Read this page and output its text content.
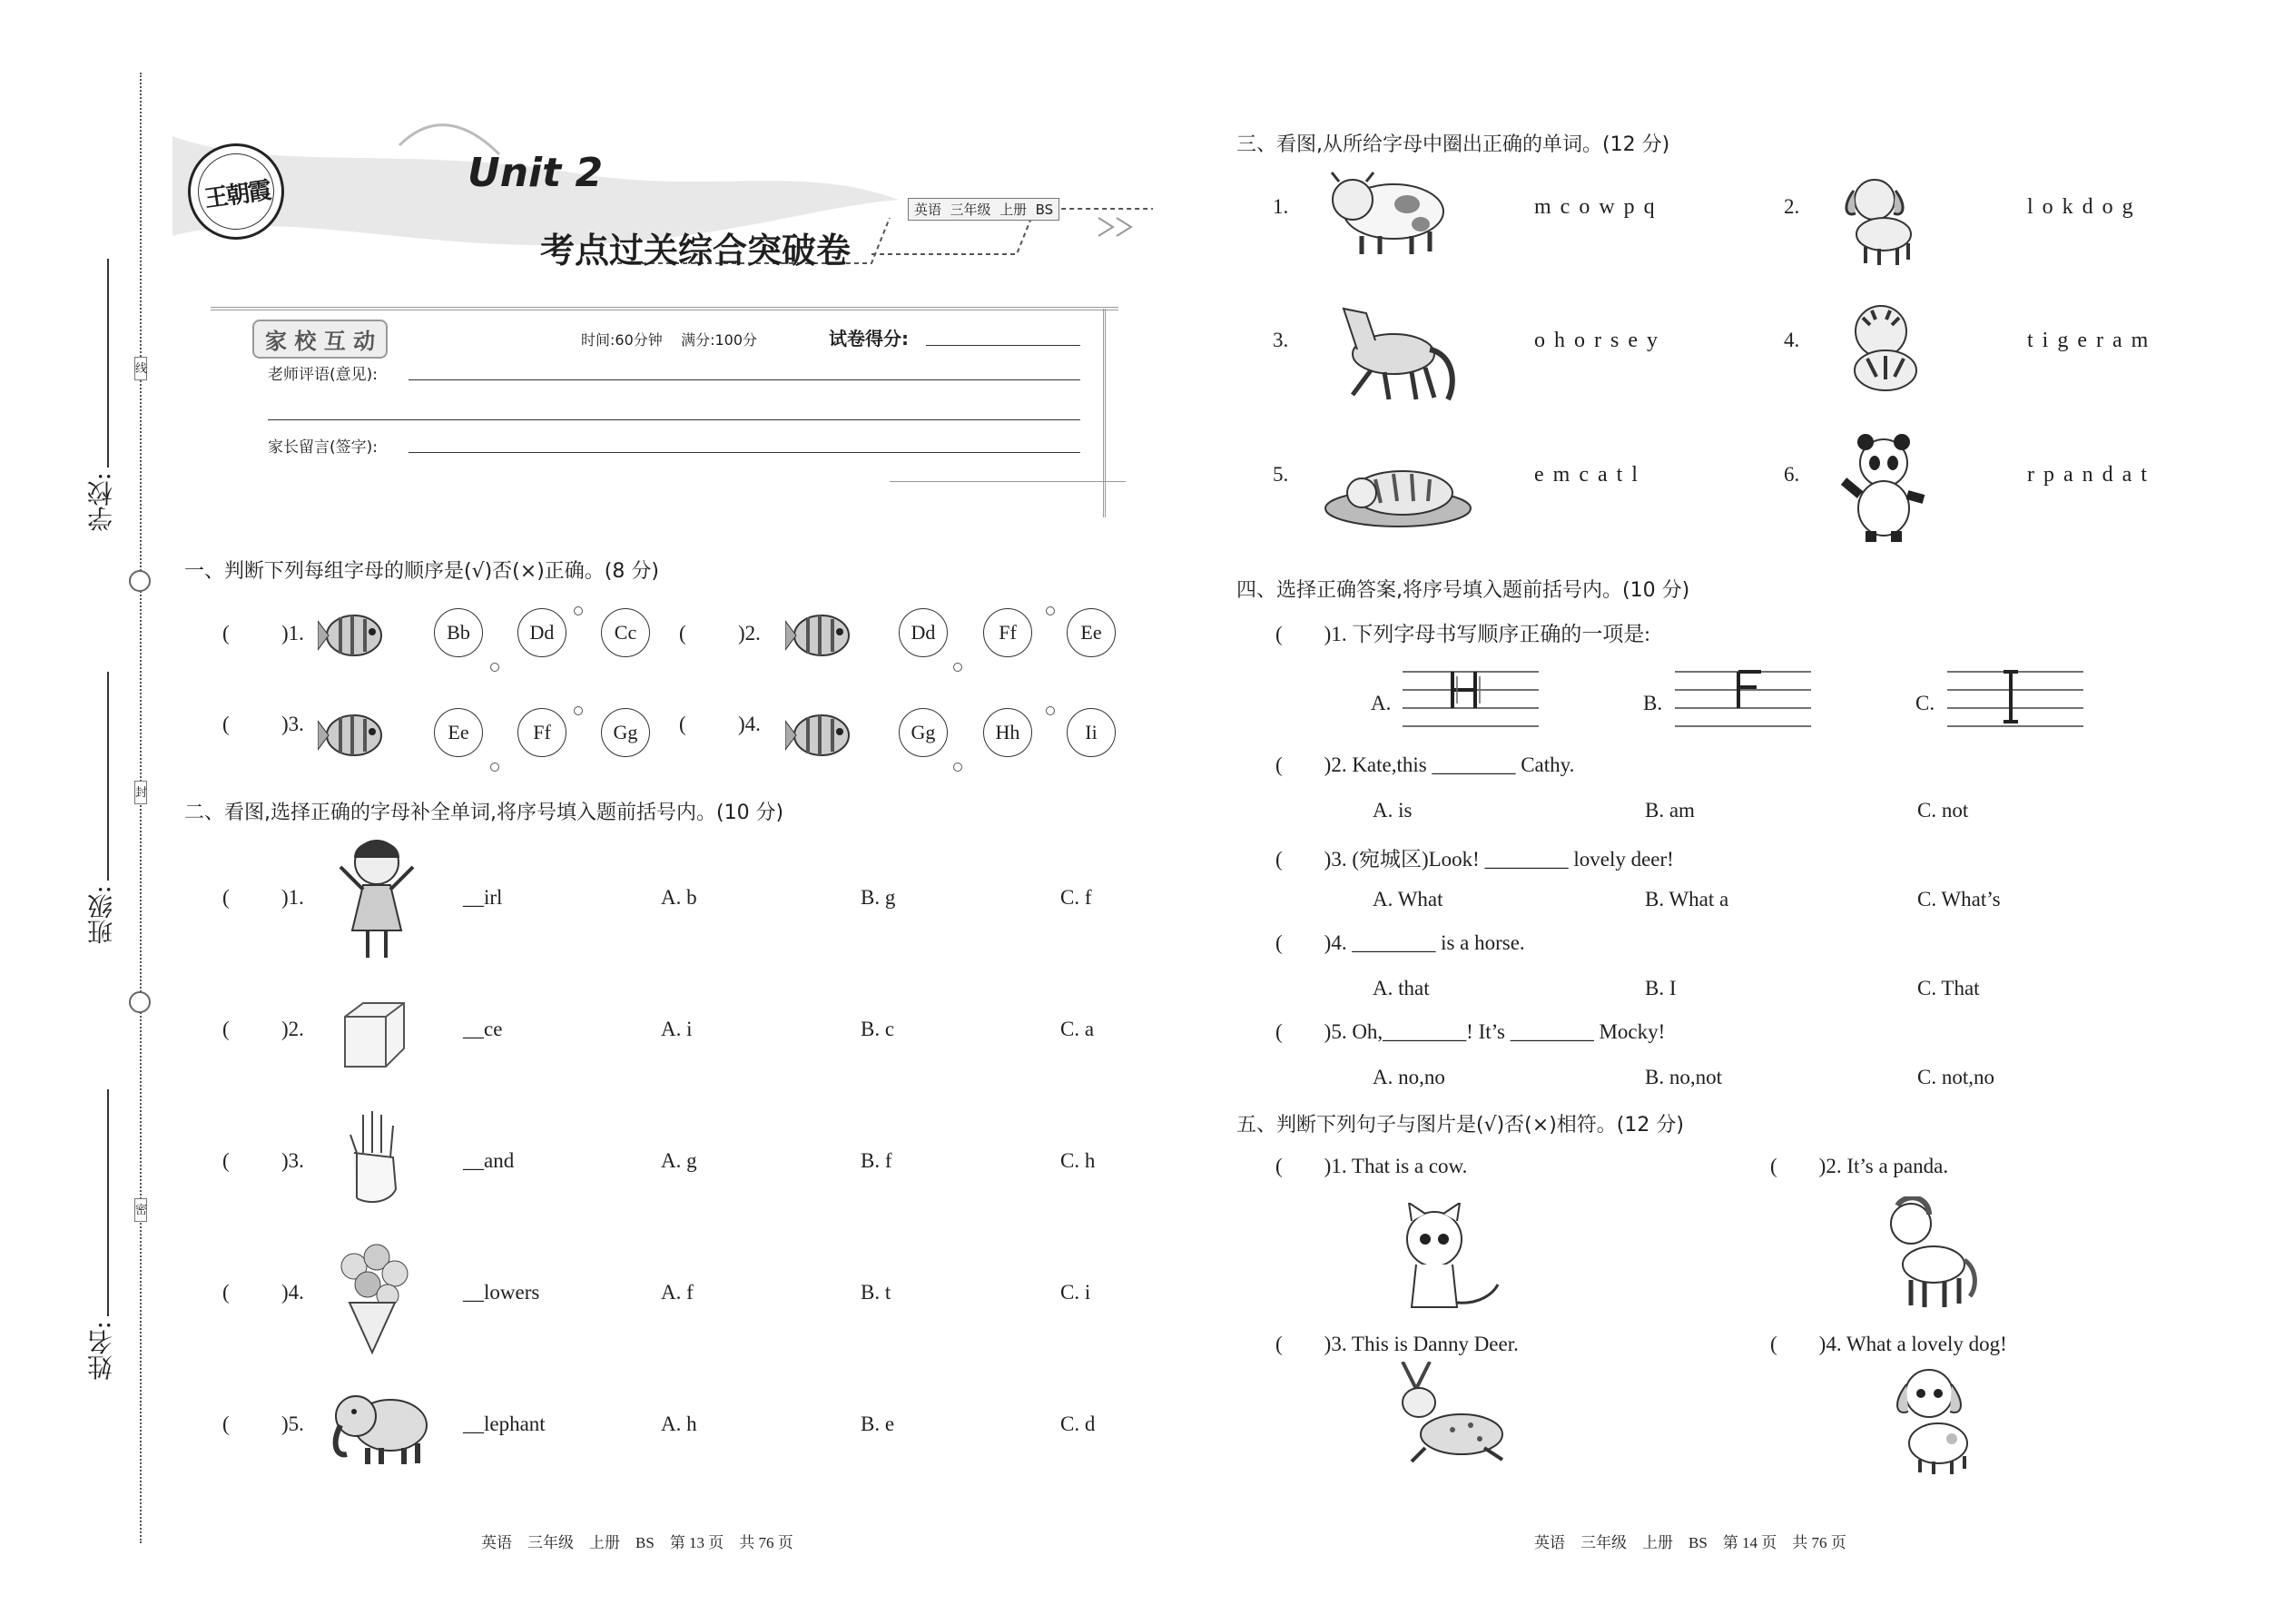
线
封
密
学校:
班级:
姓名:
王朝霞	Unit 2
考点过关综合突破卷
英语  三年级  上册  BS
家 校 互 动	时间:60分钟    满分:100分	试卷得分:
老师评语(意见):
家长留言(签字):
一、判断下列每组字母的顺序是(√)否(×)正确。(8 分)
( )1.	Bb	Dd	Cc	( )2.	Dd	Ff	Ee
( )3.	Ee	Ff	Gg	( )4.	Gg	Hh	Ii
二、看图,选择正确的字母补全单词,将序号填入题前括号内。(10 分)
( )1.	__irl	A. b	B. g	C. f
( )2.	__ce	A. i	B. c	C. a
( )3.	__and	A. g	B. f	C. h
( )4.	__lowers	A. f	B. t	C. i
( )5.	__lephant	A. h	B. e	C. d
英语    三年级    上册    BS    第 13 页    共 76 页
三、看图,从所给字母中圈出正确的单词。(12 分)
1.	mcowpq	2.	lokdog
3.	ohorsey	4.	tigeram
5.	emcatl	6.	rpandat
四、选择正确答案,将序号填入题前括号内。(10 分)
(        )1. 下列字母书写顺序正确的一项是:
A.	B.	C.
(        )2. Kate,this ________ Cathy.
A. is	B. am	C. not
(        )3. (宛城区)Look! ________ lovely deer!
A. What	B. What a	C. What’s
(        )4. ________ is a horse.
A. that	B. I	C. That
(        )5. Oh,________! It’s ________ Mocky!
A. no,no	B. no,not	C. not,no
五、判断下列句子与图片是(√)否(×)相符。(12 分)
(        )1. That is a cow.	(        )2. It’s a panda.
(        )3. This is Danny Deer.	(        )4. What a lovely dog!
英语    三年级    上册    BS    第 14 页    共 76 页
